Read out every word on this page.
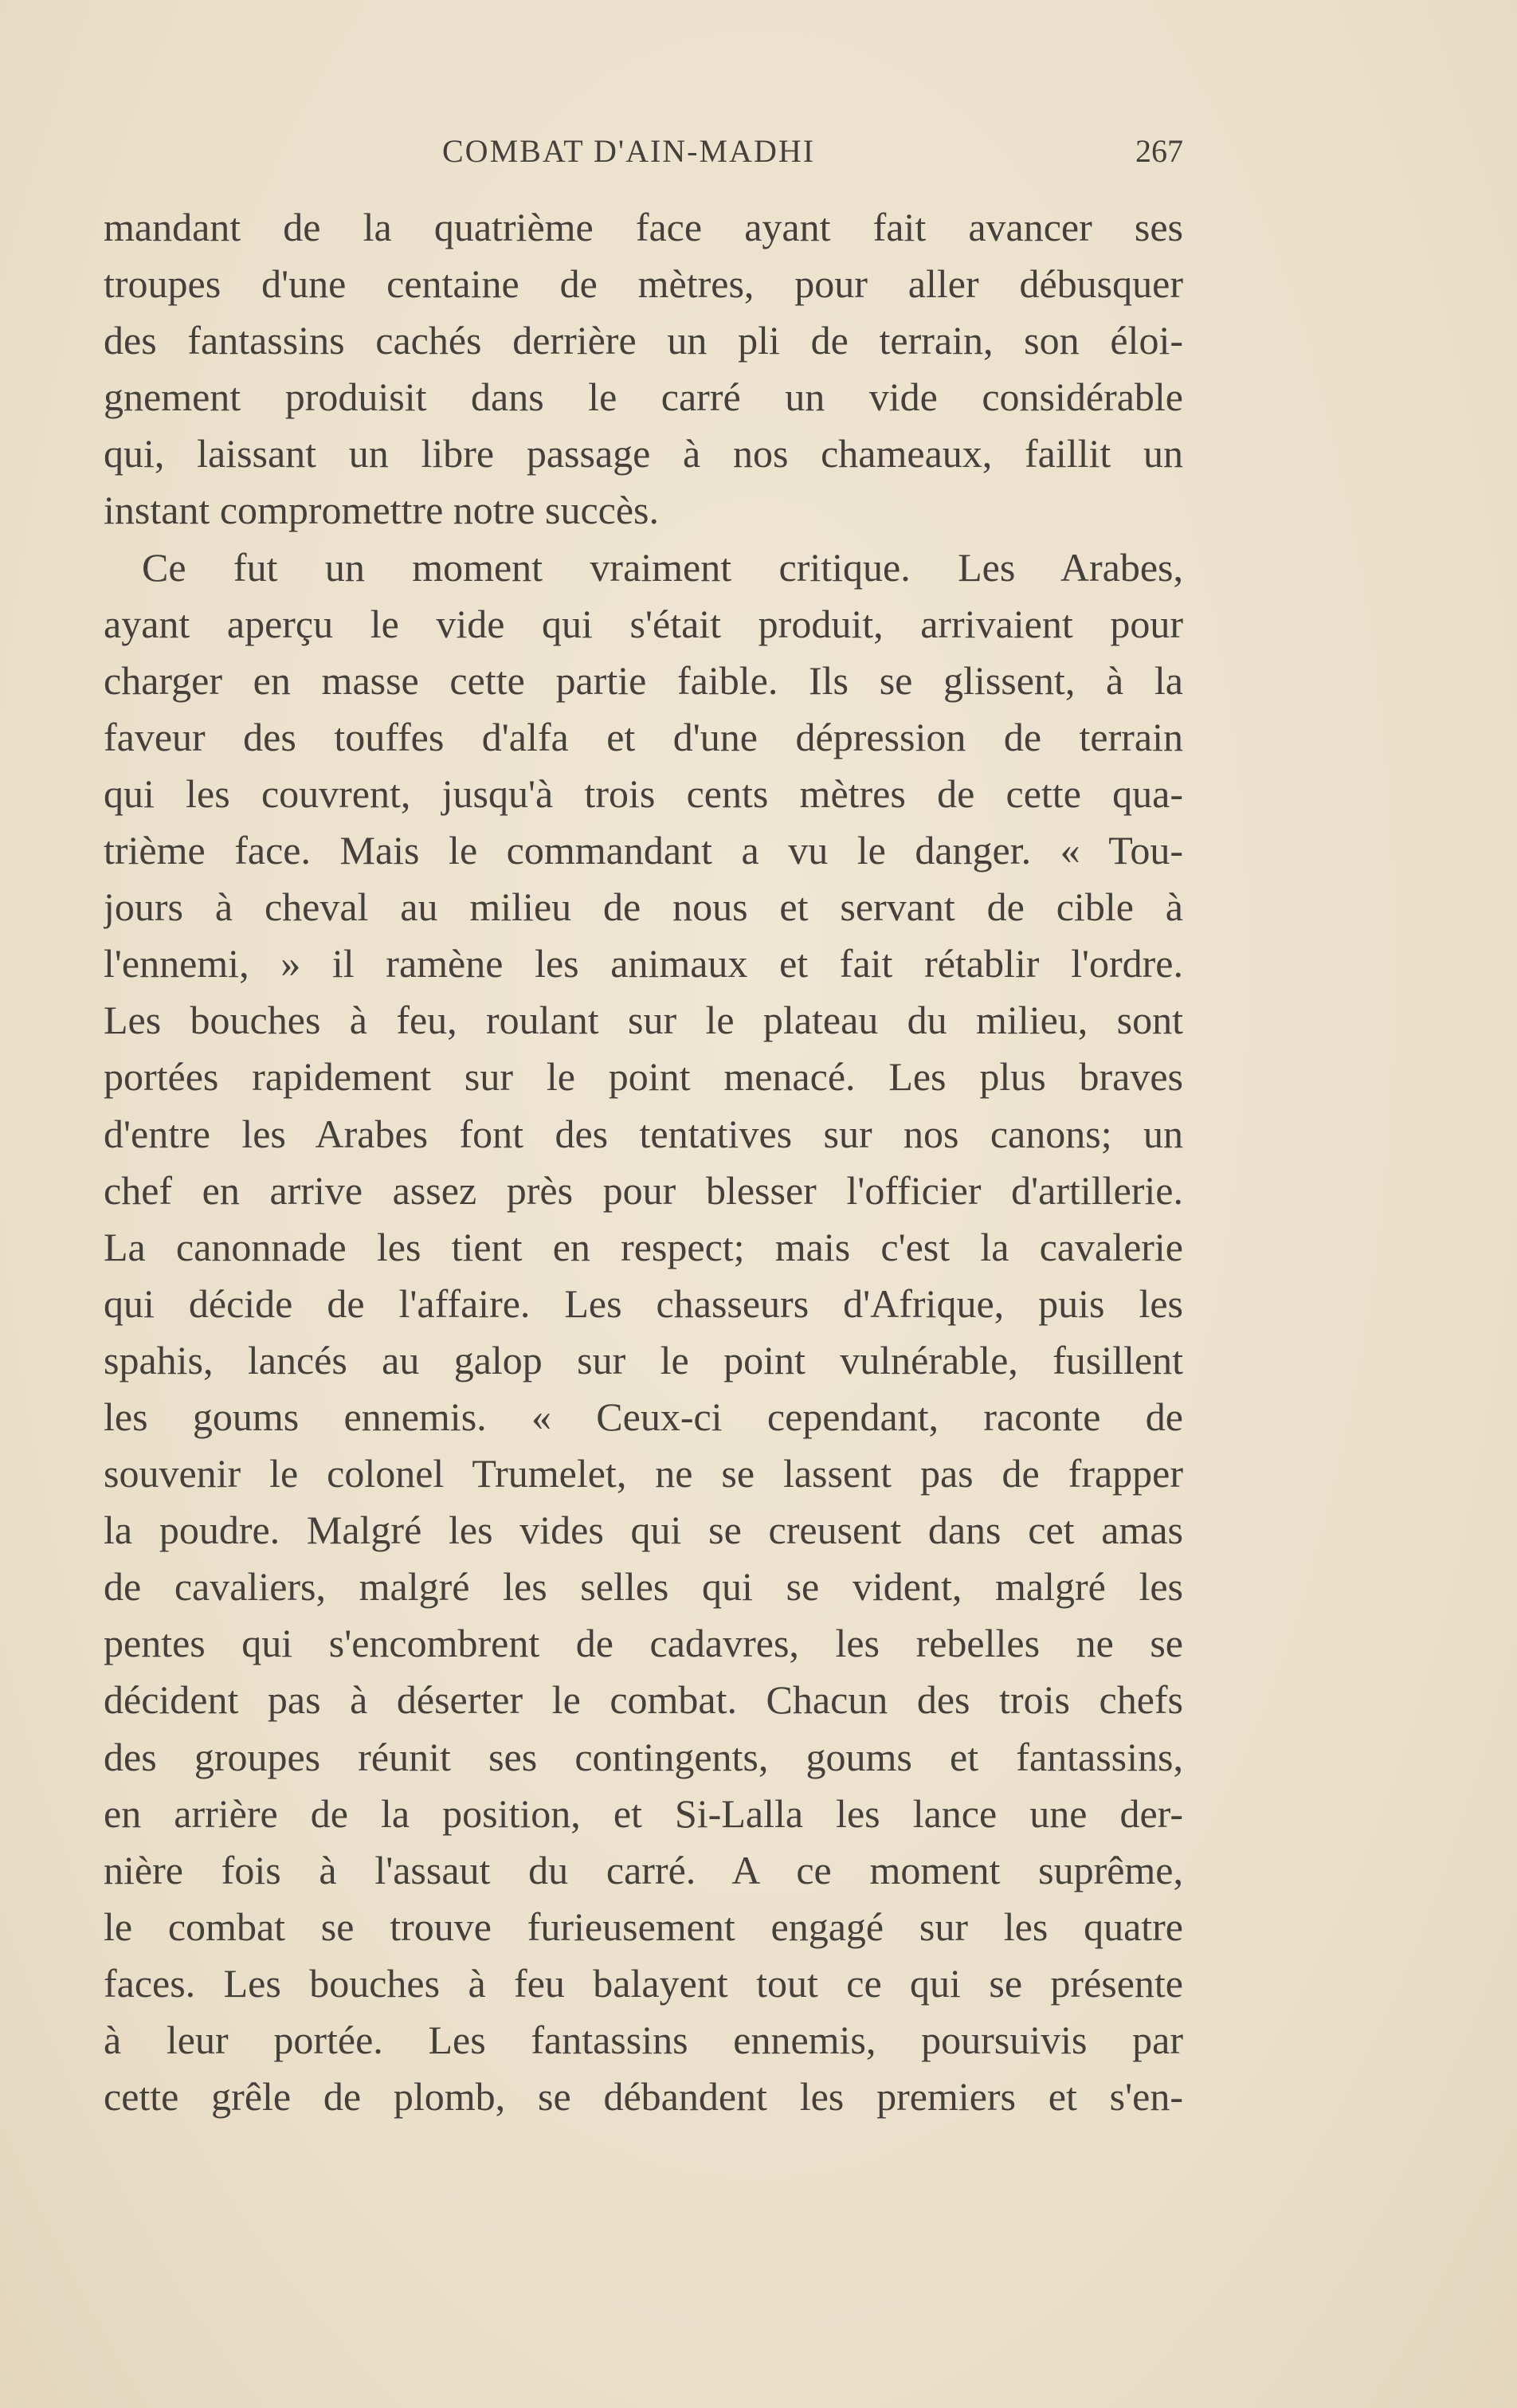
COMBAT D'AIN-MADHI	267
mandant de la quatrième face ayant fait avancer ses
troupes d'une centaine de mètres, pour aller débusquer
des fantassins cachés derrière un pli de terrain, son éloi-
gnement produisit dans le carré un vide considérable
qui, laissant un libre passage à nos chameaux, faillit un
instant compromettre notre succès.
Ce fut un moment vraiment critique. Les Arabes,
ayant aperçu le vide qui s'était produit, arrivaient pour
charger en masse cette partie faible. Ils se glissent, à la
faveur des touffes d'alfa et d'une dépression de terrain
qui les couvrent, jusqu'à trois cents mètres de cette qua-
trième face. Mais le commandant a vu le danger. « Tou-
jours à cheval au milieu de nous et servant de cible à
l'ennemi, » il ramène les animaux et fait rétablir l'ordre.
Les bouches à feu, roulant sur le plateau du milieu, sont
portées rapidement sur le point menacé. Les plus braves
d'entre les Arabes font des tentatives sur nos canons; un
chef en arrive assez près pour blesser l'officier d'artillerie.
La canonnade les tient en respect; mais c'est la cavalerie
qui décide de l'affaire. Les chasseurs d'Afrique, puis les
spahis, lancés au galop sur le point vulnérable, fusillent
les goums ennemis. « Ceux-ci cependant, raconte de
souvenir le colonel Trumelet, ne se lassent pas de frapper
la poudre. Malgré les vides qui se creusent dans cet amas
de cavaliers, malgré les selles qui se vident, malgré les
pentes qui s'encombrent de cadavres, les rebelles ne se
décident pas à déserter le combat. Chacun des trois chefs
des groupes réunit ses contingents, goums et fantassins,
en arrière de la position, et Si-Lalla les lance une der-
nière fois à l'assaut du carré. A ce moment suprême,
le combat se trouve furieusement engagé sur les quatre
faces. Les bouches à feu balayent tout ce qui se présente
à leur portée. Les fantassins ennemis, poursuivis par
cette grêle de plomb, se débandent les premiers et s'en-
